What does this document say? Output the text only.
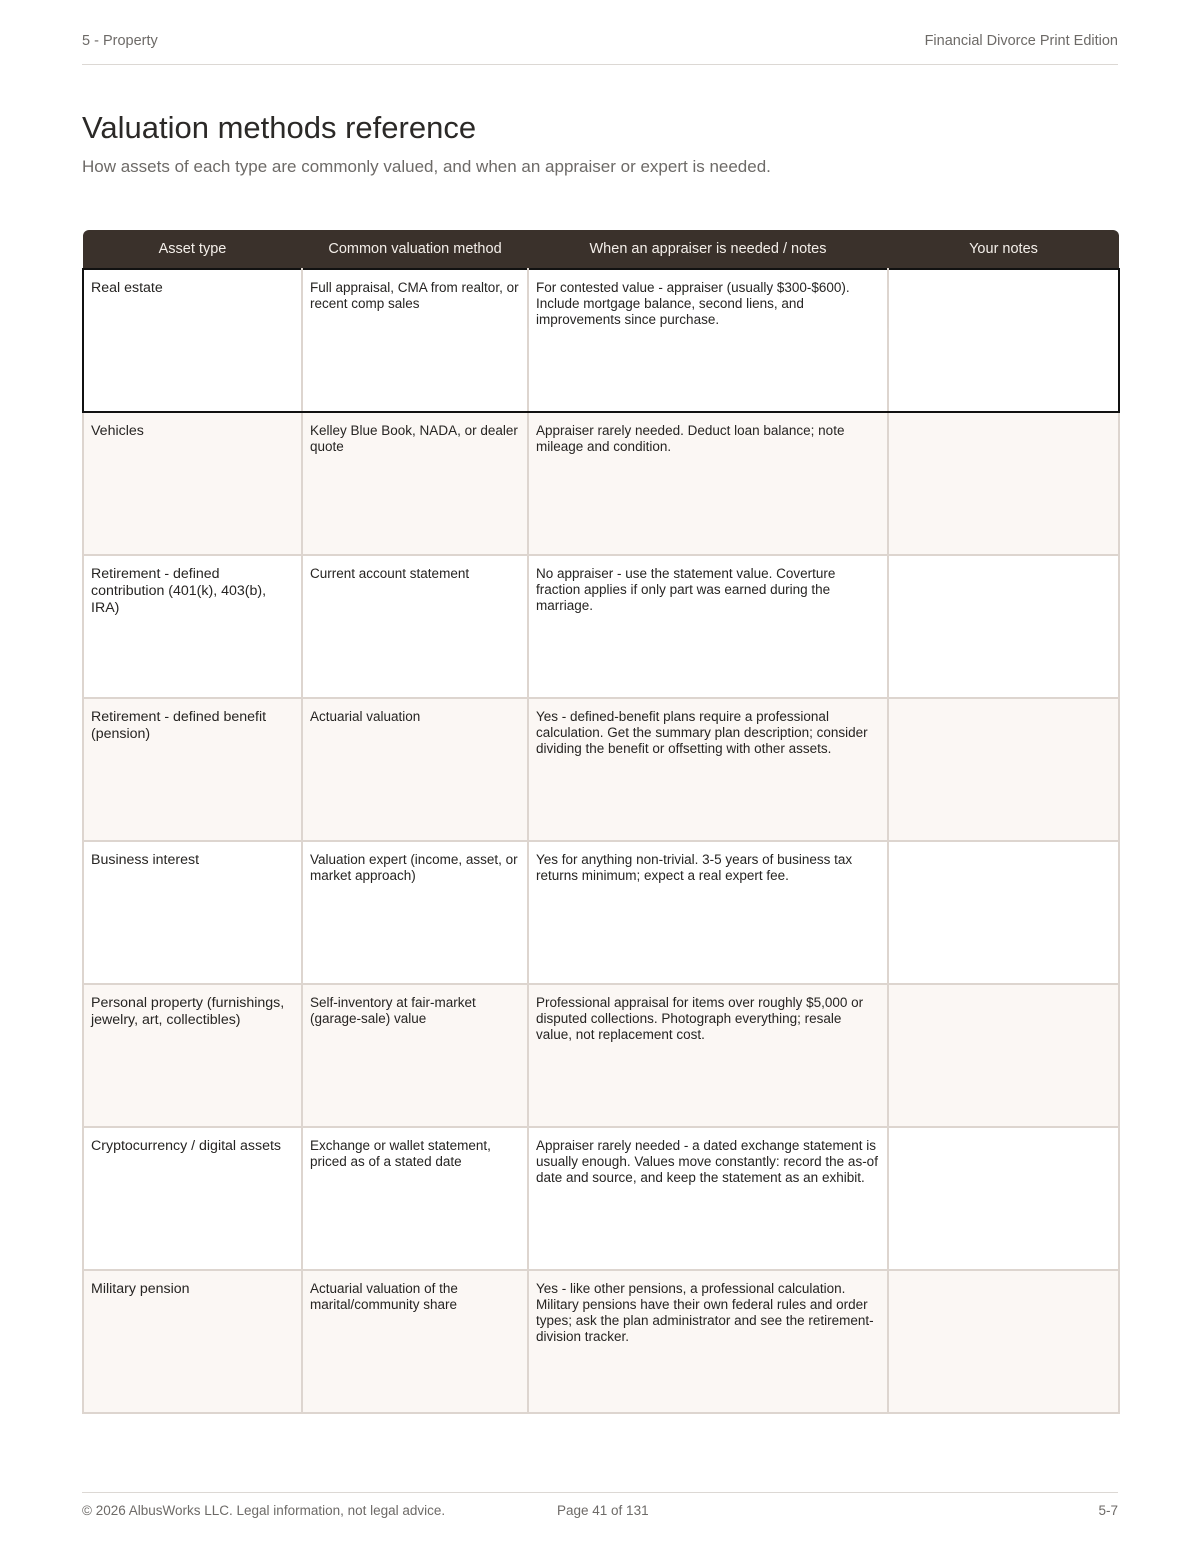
5 - Property	Financial Divorce Print Edition
Valuation methods reference

How assets of each type are commonly valued, and when an appraiser or expert is needed.

Asset type	Common valuation method	When an appraiser is needed / notes	Your notes
Real estate	Full appraisal, CMA from realtor, or recent comp sales	For contested value - appraiser (usually $300-$600). Include mortgage balance, second liens, and improvements since purchase.	
Vehicles	Kelley Blue Book, NADA, or dealer quote	Appraiser rarely needed. Deduct loan balance; note mileage and condition.	
Retirement - defined contribution (401(k), 403(b), IRA)	Current account statement	No appraiser - use the statement value. Coverture fraction applies if only part was earned during the marriage.	
Retirement - defined benefit (pension)	Actuarial valuation	Yes - defined-benefit plans require a professional calculation. Get the summary plan description; consider dividing the benefit or offsetting with other assets.	
Business interest	Valuation expert (income, asset, or market approach)	Yes for anything non-trivial. 3-5 years of business tax returns minimum; expect a real expert fee.	
Personal property (furnishings, jewelry, art, collectibles)	Self-inventory at fair-market (garage-sale) value	Professional appraisal for items over roughly $5,000 or disputed collections. Photograph everything; resale value, not replacement cost.	
Cryptocurrency / digital assets	Exchange or wallet statement, priced as of a stated date	Appraiser rarely needed - a dated exchange statement is usually enough. Values move constantly: record the as-of date and source, and keep the statement as an exhibit.	
Military pension	Actuarial valuation of the marital/community share	Yes - like other pensions, a professional calculation. Military pensions have their own federal rules and order types; ask the plan administrator and see the retirement-division tracker.	
© 2026 AlbusWorks LLC. Legal information, not legal advice.	Page 41 of 131	5-7
